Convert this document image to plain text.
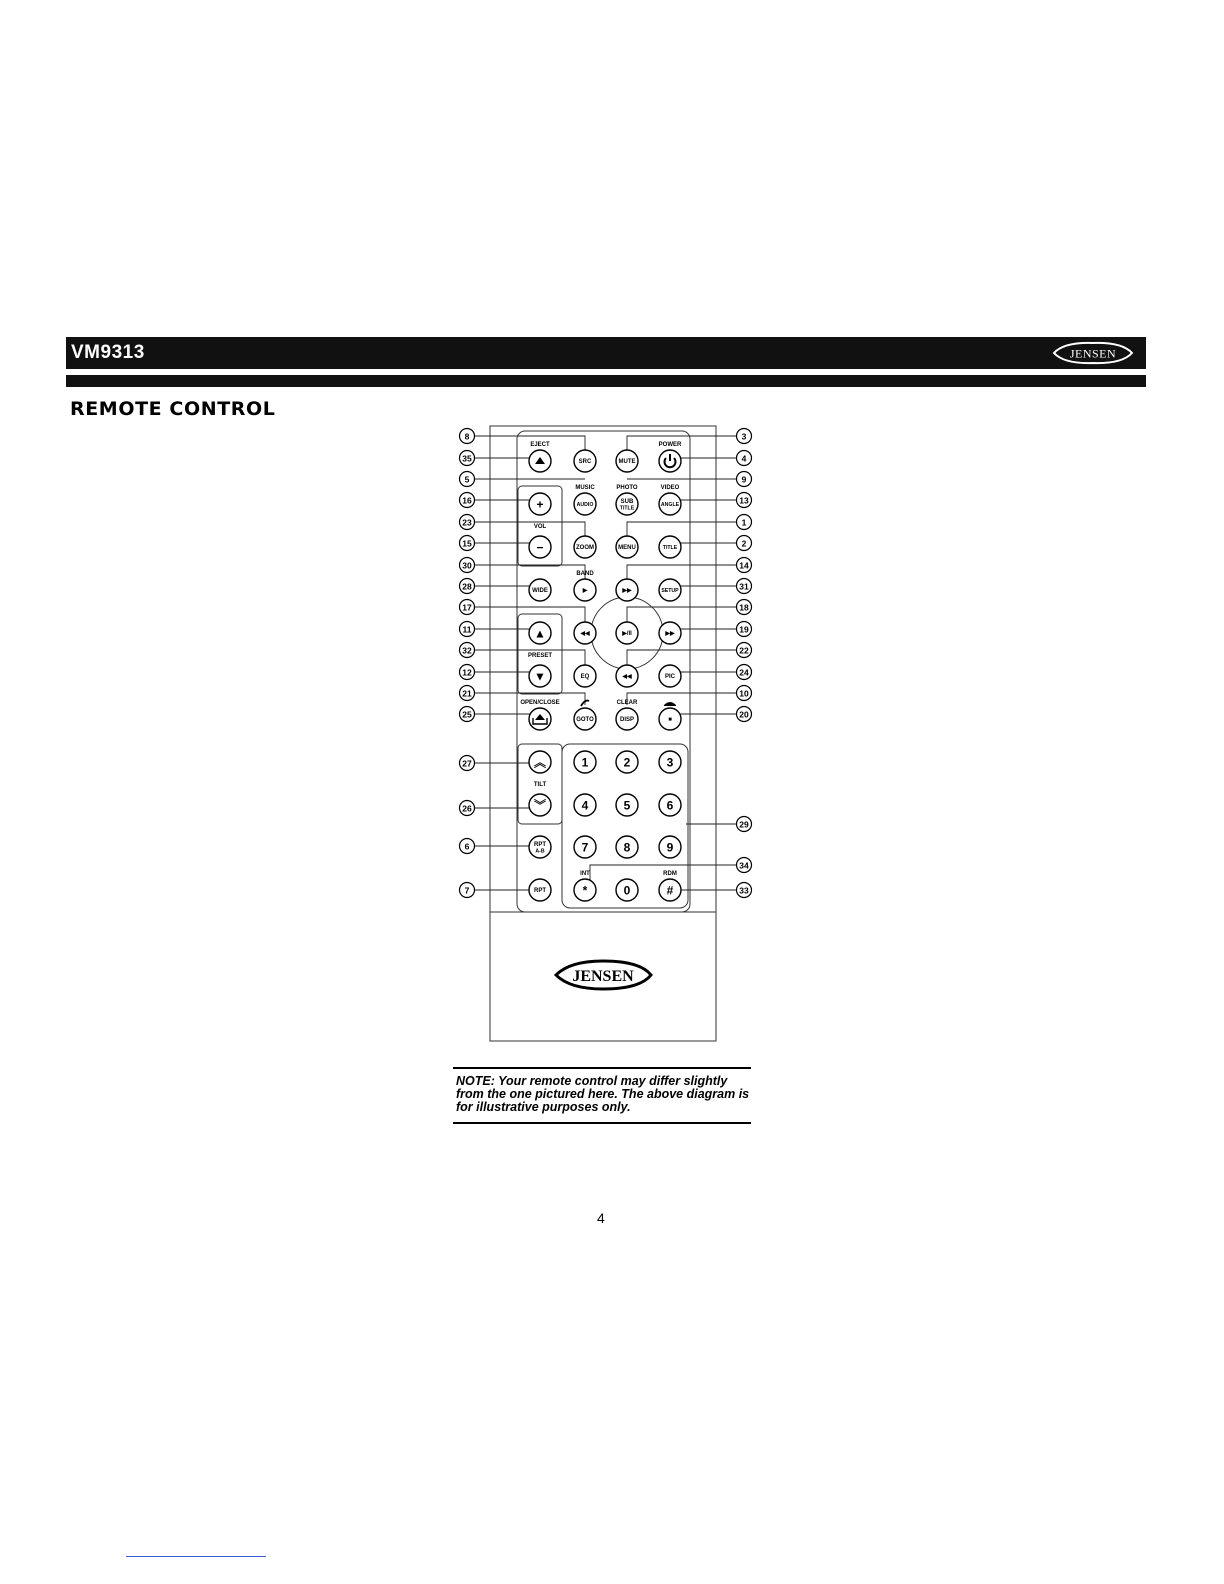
VM9313	JENSEN
REMOTE CONTROL
SRC	MUTE
+	AUDIO
SUB
TITLE
ANGLE
−	ZOOM	MENU	TITLE
WIDE	▶	▶▶	SETUP
▲	◀◀	▶/II	▶▶
▼	EQ	◀◀	PIC
GOTO	DISP	■
︽	1	2	3
︾	4	5	6
RPT
A-B	7	8	9
RPT	*	0	#
EJECT	POWER
MUSIC	PHOTO	VIDEO
BAND
OPEN/CLOSE	CLEAR
INT	RDM
VOL
PRESET
TILT
8
35
5
16
23
15
30
28
17
11
32
12
21
25
27
26
6
7
3
4
9
13
1
2
14
31
18
19
22
24
10
20
29
34
33
JENSEN

NOTE: Your remote control may differ slightly from the one pictured here. The above diagram is for illustrative purposes only.

4
